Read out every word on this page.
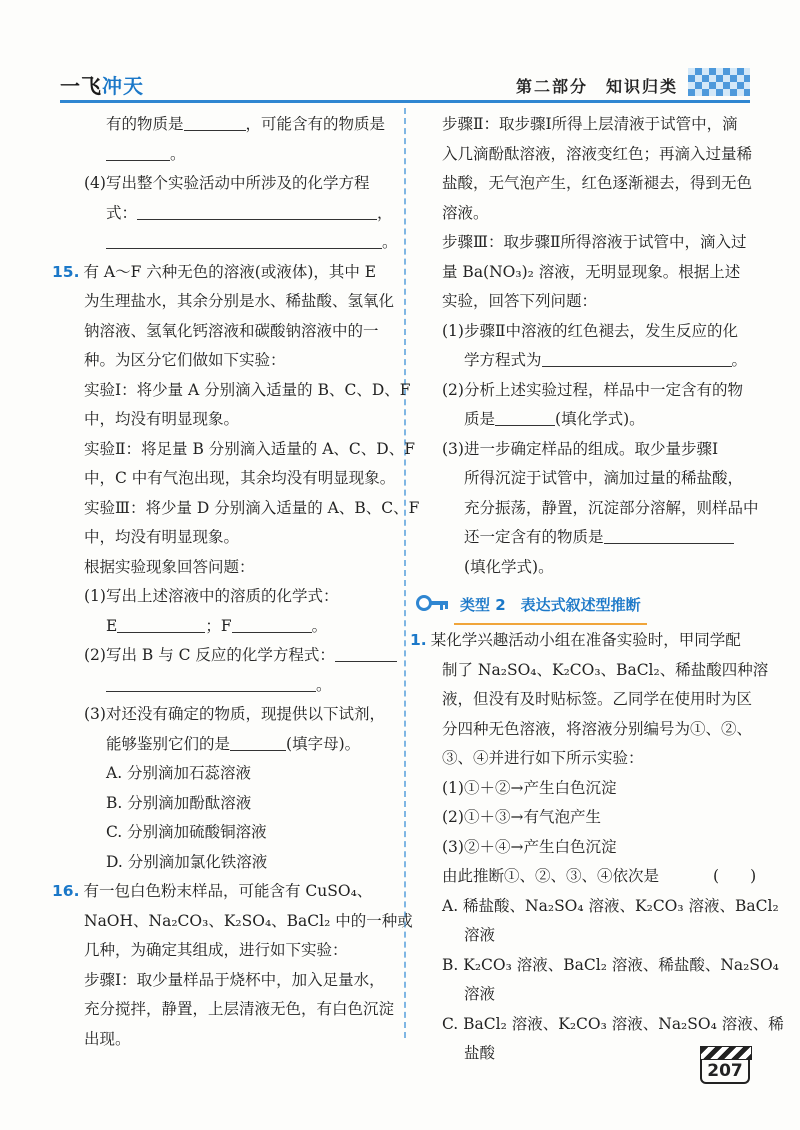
一飞冲天	第二部分　知识归类
有的物质是	，可能含有的物质是
。
(4)写出整个实验活动中所涉及的化学方程
式：	，
。
15. 有 A～F 六种无色的溶液(或液体)，其中 E
为生理盐水，其余分别是水、稀盐酸、氢氧化
钠溶液、氢氧化钙溶液和碳酸钠溶液中的一
种。为区分它们做如下实验：
实验Ⅰ：将少量 A 分别滴入适量的 B、C、D、F
中，均没有明显现象。
实验Ⅱ：将足量 B 分别滴入适量的 A、C、D、F
中，C 中有气泡出现，其余均没有明显现象。
实验Ⅲ：将少量 D 分别滴入适量的 A、B、C、F
中，均没有明显现象。
根据实验现象回答问题：
(1)写出上述溶液中的溶质的化学式：
E	；F	。
(2)写出 B 与 C 反应的化学方程式：
。
(3)对还没有确定的物质，现提供以下试剂，
能够鉴别它们的是	(填字母)。
A. 分别滴加石蕊溶液
B. 分别滴加酚酞溶液
C. 分别滴加硫酸铜溶液
D. 分别滴加氯化铁溶液
16. 有一包白色粉末样品，可能含有 CuSO₄、
NaOH、Na₂CO₃、K₂SO₄、BaCl₂ 中的一种或
几种，为确定其组成，进行如下实验：
步骤Ⅰ：取少量样品于烧杯中，加入足量水，
充分搅拌，静置，上层清液无色，有白色沉淀
出现。
步骤Ⅱ：取步骤Ⅰ所得上层清液于试管中，滴
入几滴酚酞溶液，溶液变红色；再滴入过量稀
盐酸，无气泡产生，红色逐渐褪去，得到无色
溶液。
步骤Ⅲ：取步骤Ⅱ所得溶液于试管中，滴入过
量 Ba(NO₃)₂ 溶液，无明显现象。根据上述
实验，回答下列问题：
(1)步骤Ⅱ中溶液的红色褪去，发生反应的化
学方程式为	。
(2)分析上述实验过程，样品中一定含有的物
质是	(填化学式)。
(3)进一步确定样品的组成。取少量步骤Ⅰ
所得沉淀于试管中，滴加过量的稀盐酸，
充分振荡，静置，沉淀部分溶解，则样品中
还一定含有的物质是
(填化学式)。
类型 2　表达式叙述型推断
1. 某化学兴趣活动小组在准备实验时，甲同学配
制了 Na₂SO₄、K₂CO₃、BaCl₂、稀盐酸四种溶
液，但没有及时贴标签。乙同学在使用时为区
分四种无色溶液，将溶液分别编号为①、②、
③、④并进行如下所示实验：
(1)①＋②→产生白色沉淀
(2)①＋③→有气泡产生
(3)②＋④→产生白色沉淀
由此推断①、②、③、④依次是	(　　)
A. 稀盐酸、Na₂SO₄ 溶液、K₂CO₃ 溶液、BaCl₂
溶液
B. K₂CO₃ 溶液、BaCl₂ 溶液、稀盐酸、Na₂SO₄
溶液
C. BaCl₂ 溶液、K₂CO₃ 溶液、Na₂SO₄ 溶液、稀
盐酸
207
